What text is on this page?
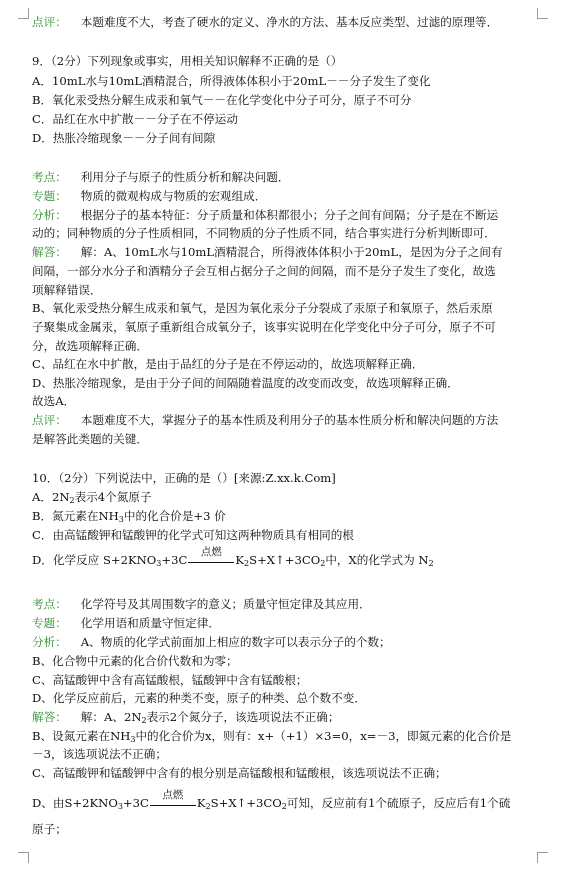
点评： 本题难度不大，考查了硬水的定义、净水的方法、基本反应类型、过滤的原理等．
9．（2分）下列现象或事实，用相关知识解释不正确的是（）
A．10mL水与10mL酒精混合，所得液体体积小于20mL－－分子发生了变化
B．氧化汞受热分解生成汞和氧气－－在化学变化中分子可分，原子不可分
C．品红在水中扩散－－分子在不停运动
D．热胀冷缩现象－－分子间有间隙
考点： 利用分子与原子的性质分析和解决问题．
专题： 物质的微观构成与物质的宏观组成．
分析： 根据分子的基本特征：分子质量和体积都很小；分子之间有间隔；分子是在不断运
动的；同种物质的分子性质相同，不同物质的分子性质不同，结合事实进行分析判断即可．
解答： 解：A、10mL水与10mL酒精混合，所得液体体积小于20mL，是因为分子之间有
间隔，一部分水分子和酒精分子会互相占据分子之间的间隔，而不是分子发生了变化，故选
项解释错误．
B、氧化汞受热分解生成汞和氧气，是因为氧化汞分子分裂成了汞原子和氧原子，然后汞原
子聚集成金属汞，氧原子重新组合成氧分子，该事实说明在化学变化中分子可分，原子不可
分，故选项解释正确．
C、品红在水中扩散，是由于品红的分子是在不停运动的，故选项解释正确．
D、热胀冷缩现象，是由于分子间的间隔随着温度的改变而改变，故选项解释正确．
故选A．
点评： 本题难度不大，掌握分子的基本性质及利用分子的基本性质分析和解决问题的方法
是解答此类题的关键．
10．（2分）下列说法中，正确的是（）[来源:Z.xx.k.Com]
A．$2N_2$表示4个氮原子
B．氮元素在$NH_3$中的化合价是+3 价
C．由高锰酸钾和锰酸钾的化学式可知这两种物质具有相同的根
D．化学反应 $S+2KNO_3+3C$
点燃
$K_2S+X↑+3CO_2$中，X的化学式为 $N_2$
考点： 化学符号及其周围数字的意义；质量守恒定律及其应用．
专题： 化学用语和质量守恒定律．
分析： A、物质的化学式前面加上相应的数字可以表示分子的个数；
B、化合物中元素的化合价代数和为零；
C、高锰酸钾中含有高锰酸根，锰酸钾中含有锰酸根；
D、化学反应前后，元素的种类不变，原子的种类、总个数不变．
解答： 解：A、$2N_2$表示2个氮分子，该选项说法不正确；
B、设氮元素在$NH_3$中的化合价为x，则有：x+（+1）×3=0，x=－3，即氮元素的化合价是
－3，该选项说法不正确；
C、高锰酸钾和锰酸钾中含有的根分别是高锰酸根和锰酸根，该选项说法不正确；
D、由$S+2KNO_3+3C$
点燃
$K_2S+X↑+3CO_2$可知，反应前有1个硫原子，反应后有1个硫
原子；
